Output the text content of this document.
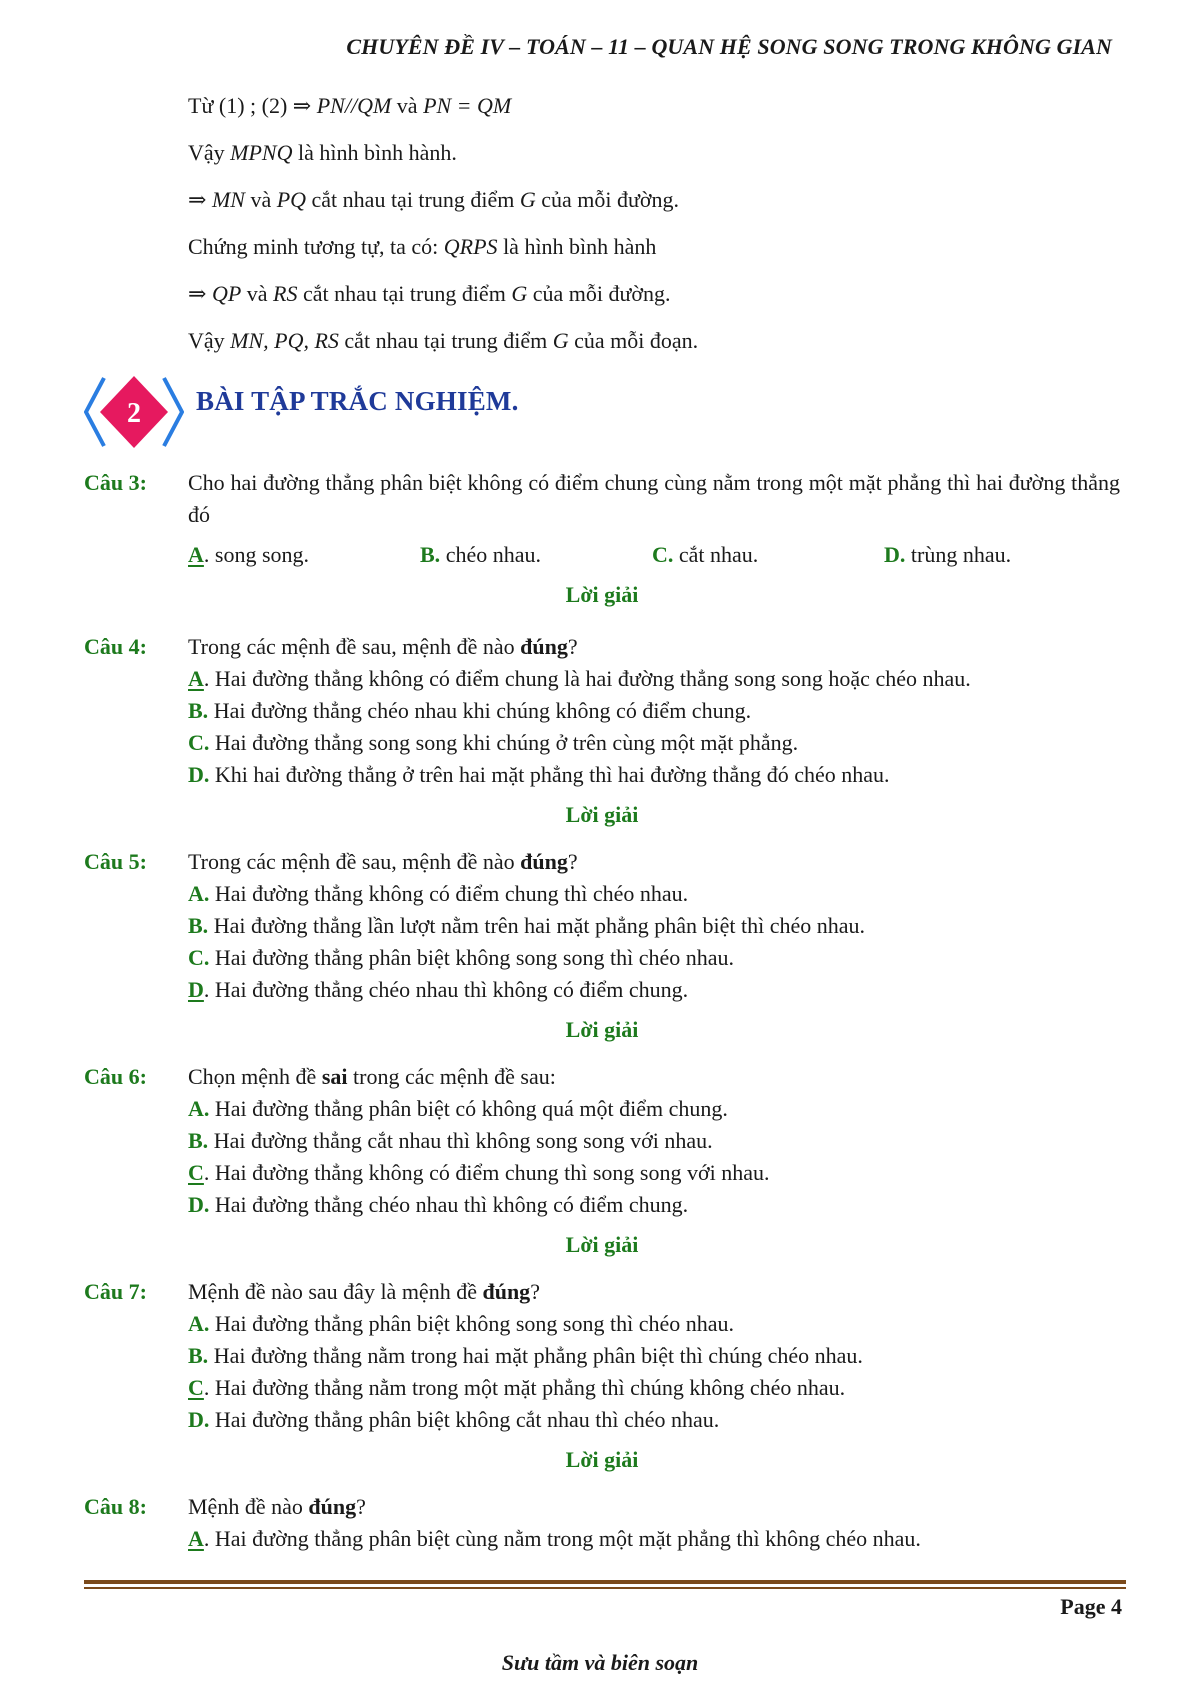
CHUYÊN ĐỀ IV – TOÁN – 11 – QUAN HỆ SONG SONG TRONG KHÔNG GIAN
Từ (1) ; (2) ⇒ PN//QM và PN = QM
Vậy MPNQ là hình bình hành.
⇒ MN và PQ cắt nhau tại trung điểm G của mỗi đường.
Chứng minh tương tự, ta có: QRPS là hình bình hành
⇒ QP và RS cắt nhau tại trung điểm G của mỗi đường.
Vậy MN, PQ, RS cắt nhau tại trung điểm G của mỗi đoạn.
2 BÀI TẬP TRẮC NGHIỆM.
Câu 3:	Cho hai đường thẳng phân biệt không có điểm chung cùng nằm trong một mặt phẳng thì hai đường thẳng đó
A. song song.	B. chéo nhau.	C. cắt nhau.	D. trùng nhau.
Lời giải
Câu 4:	Trong các mệnh đề sau, mệnh đề nào đúng?
A. Hai đường thẳng không có điểm chung là hai đường thẳng song song hoặc chéo nhau.
B. Hai đường thẳng chéo nhau khi chúng không có điểm chung.
C. Hai đường thẳng song song khi chúng ở trên cùng một mặt phẳng.
D. Khi hai đường thẳng ở trên hai mặt phẳng thì hai đường thẳng đó chéo nhau.
Lời giải
Câu 5:	Trong các mệnh đề sau, mệnh đề nào đúng?
A. Hai đường thẳng không có điểm chung thì chéo nhau.
B. Hai đường thẳng lần lượt nằm trên hai mặt phẳng phân biệt thì chéo nhau.
C. Hai đường thẳng phân biệt không song song thì chéo nhau.
D. Hai đường thẳng chéo nhau thì không có điểm chung.
Lời giải
Câu 6:	Chọn mệnh đề sai trong các mệnh đề sau:
A. Hai đường thẳng phân biệt có không quá một điểm chung.
B. Hai đường thẳng cắt nhau thì không song song với nhau.
C. Hai đường thẳng không có điểm chung thì song song với nhau.
D. Hai đường thẳng chéo nhau thì không có điểm chung.
Lời giải
Câu 7:	Mệnh đề nào sau đây là mệnh đề đúng?
A. Hai đường thẳng phân biệt không song song thì chéo nhau.
B. Hai đường thẳng nằm trong hai mặt phẳng phân biệt thì chúng chéo nhau.
C. Hai đường thẳng nằm trong một mặt phẳng thì chúng không chéo nhau.
D. Hai đường thẳng phân biệt không cắt nhau thì chéo nhau.
Lời giải
Câu 8:	Mệnh đề nào đúng?
A. Hai đường thẳng phân biệt cùng nằm trong một mặt phẳng thì không chéo nhau.
Page 4
Sưu tầm và biên soạn
